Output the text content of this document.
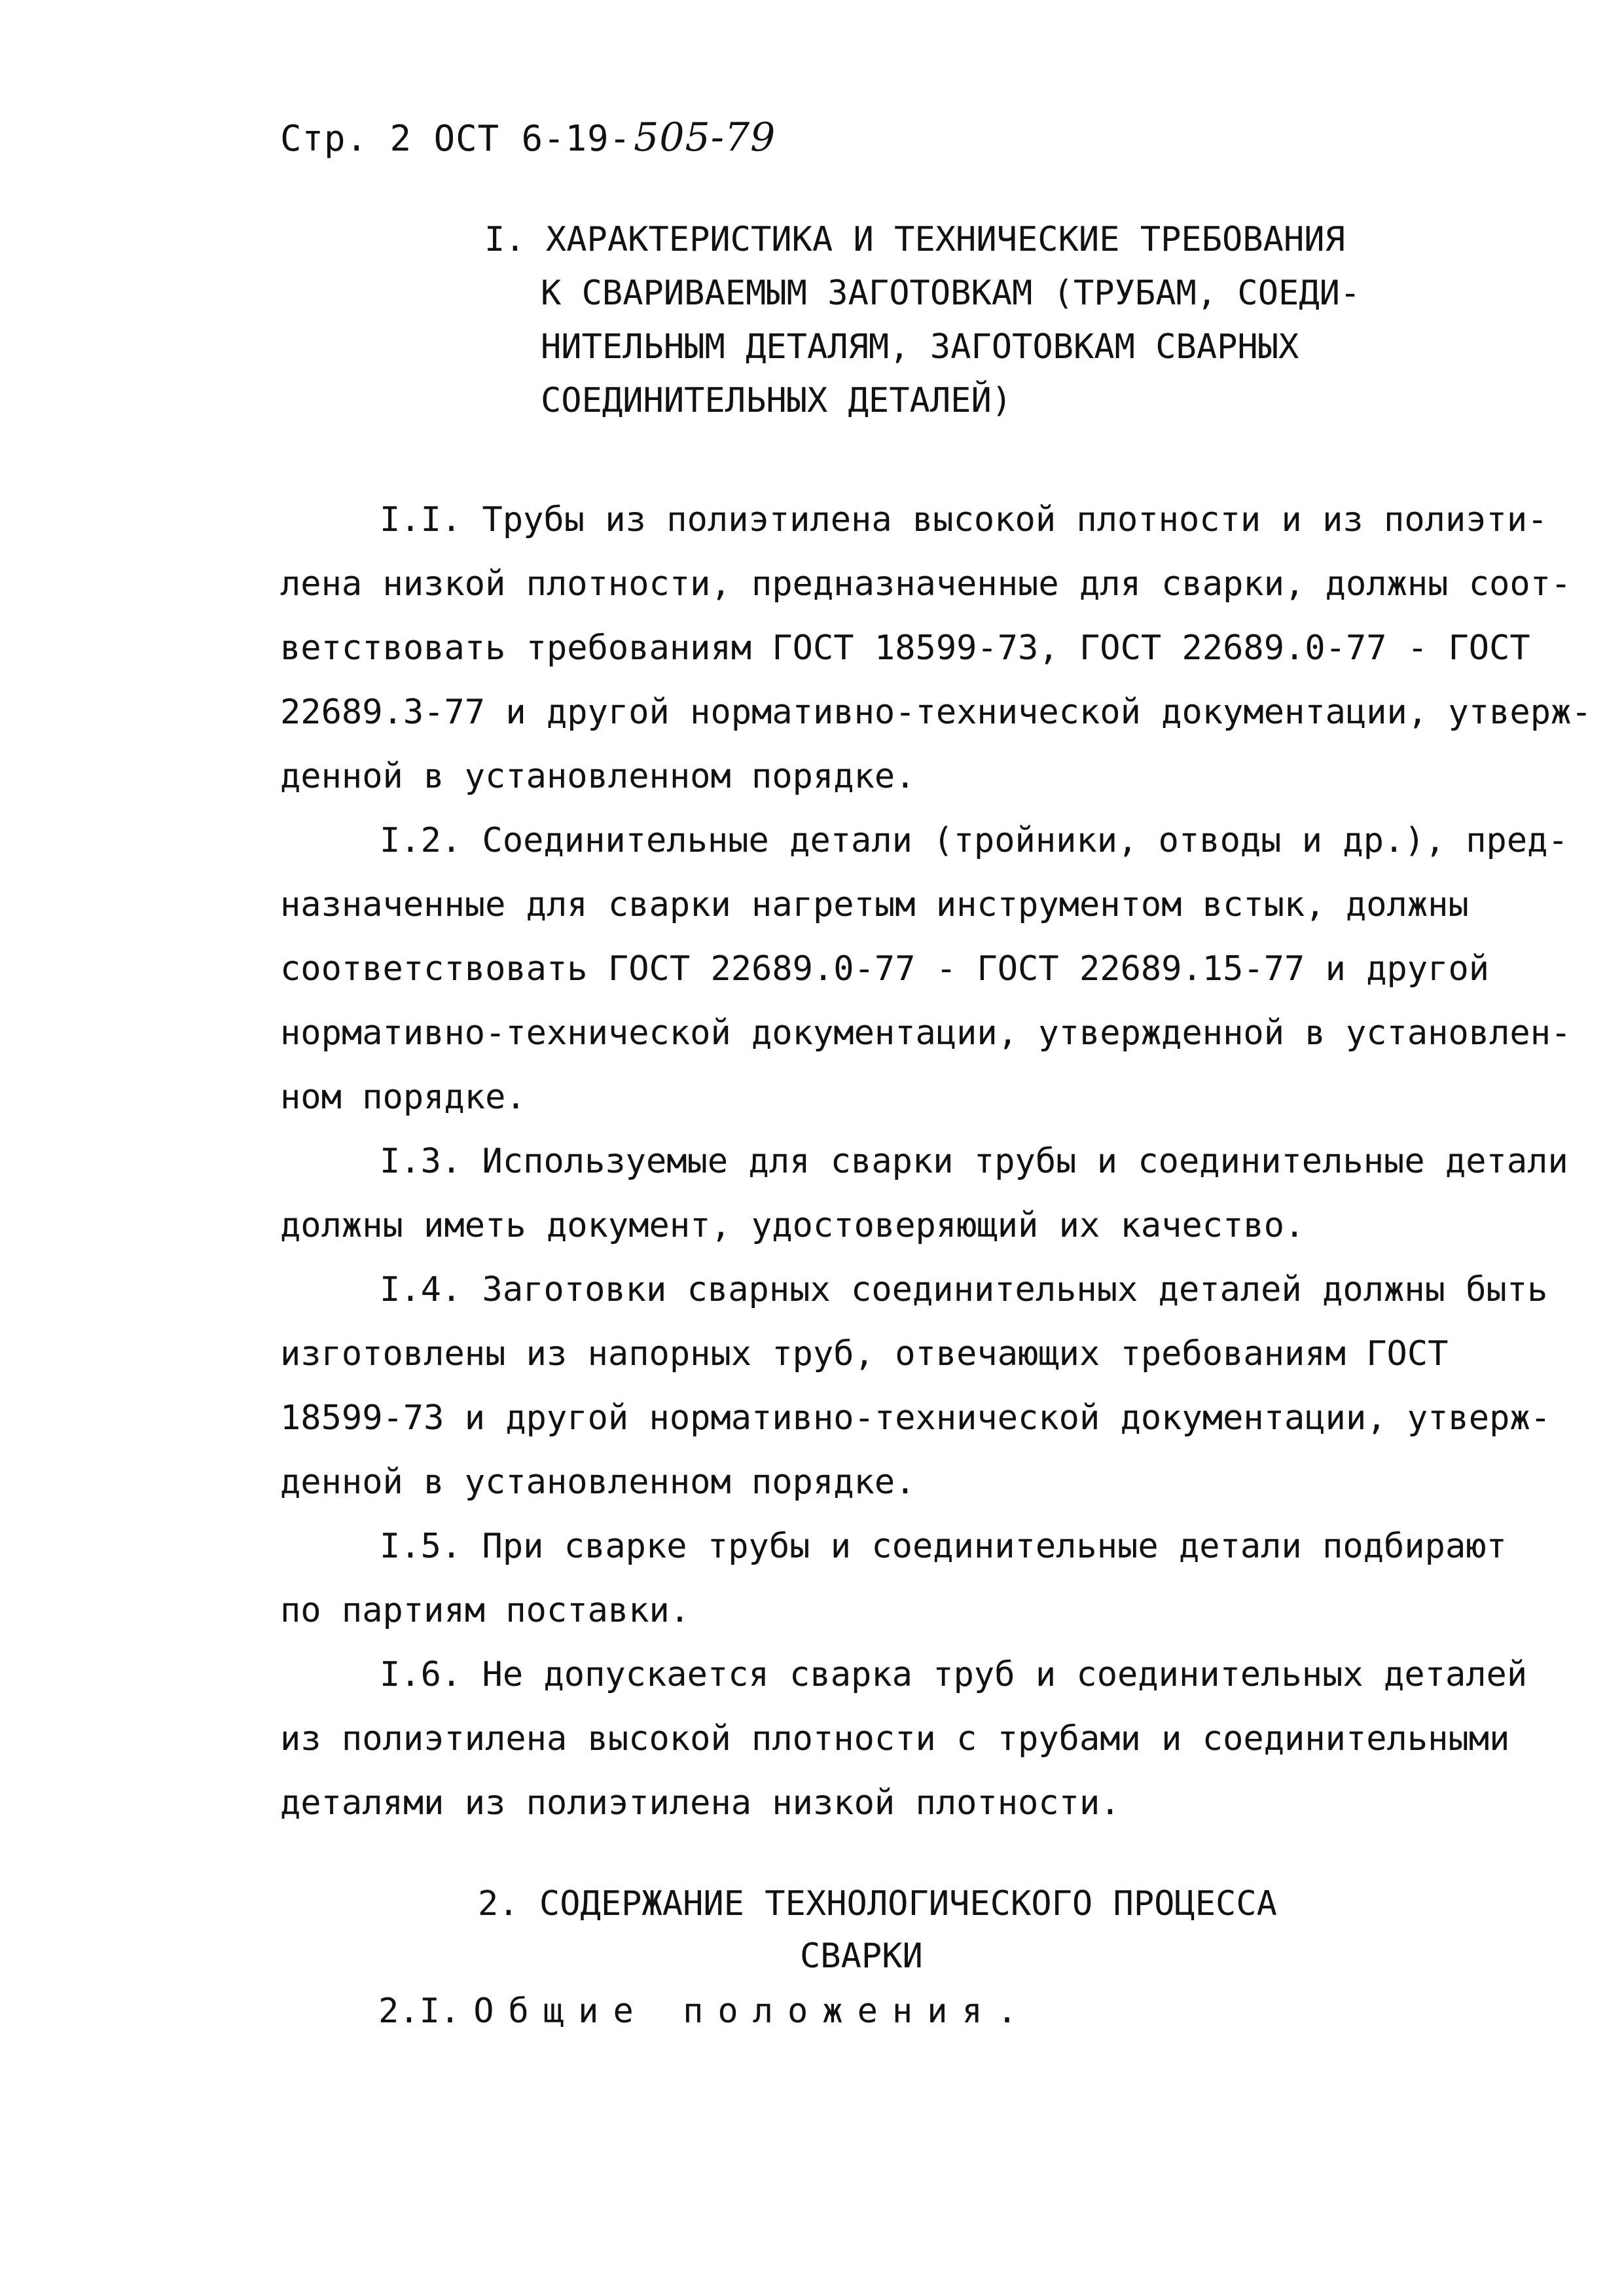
Стр. 2 ОСТ 6-19-505-79
I. ХАРАКТЕРИСТИКА И ТЕХНИЧЕСКИЕ ТРЕБОВАНИЯ
К СВАРИВАЕМЫМ ЗАГОТОВКАМ (ТРУБАМ, СОЕДИ-
НИТЕЛЬНЫМ ДЕТАЛЯМ, ЗАГОТОВКАМ СВАРНЫХ
СОЕДИНИТЕЛЬНЫХ ДЕТАЛЕЙ)
I.I. Трубы из полиэтилена высокой плотности и из полиэти-
лена низкой плотности, предназначенные для сварки, должны соот-
ветствовать требованиям ГОСТ 18599-73, ГОСТ 22689.0-77 - ГОСТ
22689.3-77 и другой нормативно-технической документации, утверж-
денной в установленном порядке.
I.2. Соединительные детали (тройники, отводы и др.), пред-
назначенные для сварки нагретым инструментом встык, должны
соответствовать ГОСТ 22689.0-77 - ГОСТ 22689.15-77 и другой
нормативно-технической документации, утвержденной в установлен-
ном порядке.
I.3. Используемые для сварки трубы и соединительные детали
должны иметь документ, удостоверяющий их качество.
I.4. Заготовки сварных соединительных деталей должны быть
изготовлены из напорных труб, отвечающих требованиям ГОСТ
18599-73 и другой нормативно-технической документации, утверж-
денной в установленном порядке.
I.5. При сварке трубы и соединительные детали подбирают
по партиям поставки.
I.6. Не допускается сварка труб и соединительных деталей
из полиэтилена высокой плотности с трубами и соединительными
деталями из полиэтилена низкой плотности.
2. СОДЕРЖАНИЕ ТЕХНОЛОГИЧЕСКОГО ПРОЦЕССА
СВАРКИ
2.I. Общие положения.
